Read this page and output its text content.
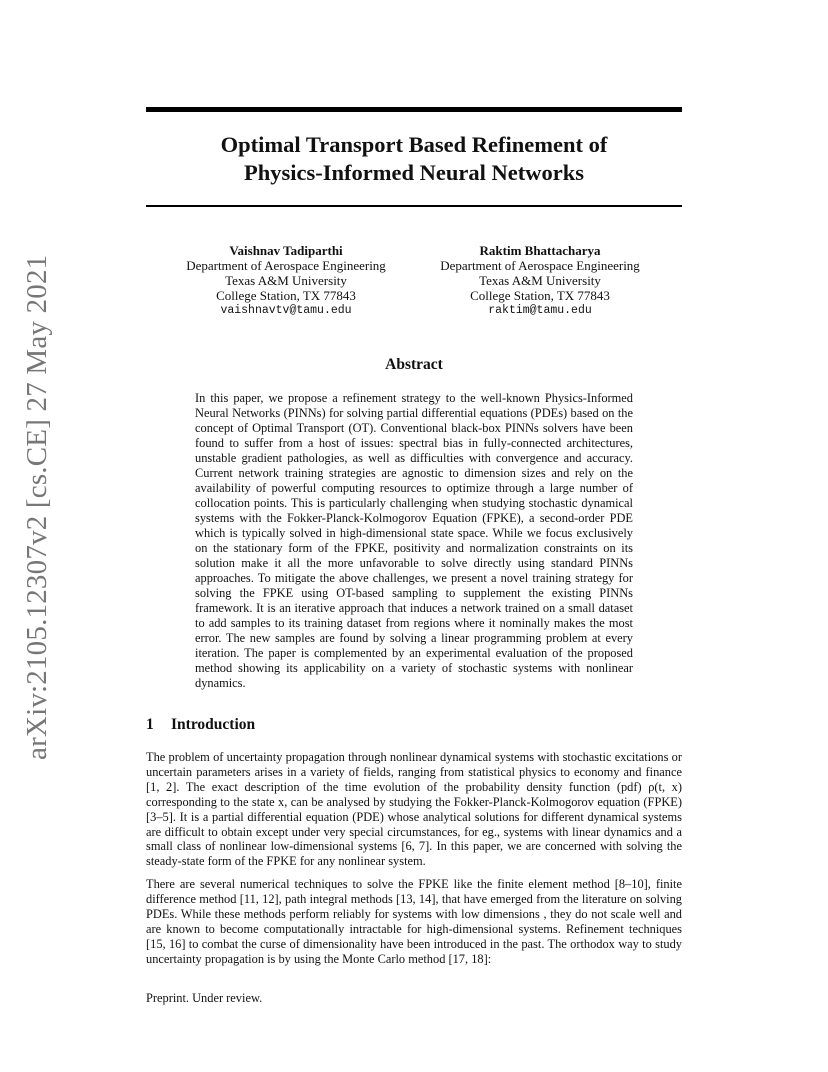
arXiv:2105.12307v2 [cs.CE] 27 May 2021
Optimal Transport Based Refinement of
Physics-Informed Neural Networks
Vaishnav Tadiparthi
Department of Aerospace Engineering
Texas A&M University
College Station, TX 77843
vaishnavtv@tamu.edu
Raktim Bhattacharya
Department of Aerospace Engineering
Texas A&M University
College Station, TX 77843
raktim@tamu.edu
Abstract

In this paper, we propose a refinement strategy to the well-known Physics-Informed Neural Networks (PINNs) for solving partial differential equations (PDEs) based on the concept of Optimal Transport (OT). Conventional black-box PINNs solvers have been found to suffer from a host of issues: spectral bias in fully-connected architectures, unstable gradient pathologies, as well as difficulties with convergence and accuracy. Current network training strategies are agnostic to dimension sizes and rely on the availability of powerful computing resources to optimize through a large number of collocation points. This is particularly challenging when studying stochastic dynamical systems with the Fokker-Planck-Kolmogorov Equation (FPKE), a second-order PDE which is typically solved in high-dimensional state space. While we focus exclusively on the stationary form of the FPKE, positivity and normalization constraints on its solution make it all the more unfavorable to solve directly using standard PINNs approaches. To mitigate the above challenges, we present a novel training strategy for solving the FPKE using OT-based sampling to supplement the existing PINNs framework. It is an iterative approach that induces a network trained on a small dataset to add samples to its training dataset from regions where it nominally makes the most error. The new samples are found by solving a linear programming problem at every iteration. The paper is complemented by an experimental evaluation of the proposed method showing its applicability on a variety of stochastic systems with nonlinear dynamics.

1 Introduction

The problem of uncertainty propagation through nonlinear dynamical systems with stochastic excitations or uncertain parameters arises in a variety of fields, ranging from statistical physics to economy and finance [1, 2]. The exact description of the time evolution of the probability density function (pdf) ρ(t, x) corresponding to the state x, can be analysed by studying the Fokker-Planck-Kolmogorov equation (FPKE) [3–5]. It is a partial differential equation (PDE) whose analytical solutions for different dynamical systems are difficult to obtain except under very special circumstances, for eg., systems with linear dynamics and a small class of nonlinear low-dimensional systems [6, 7]. In this paper, we are concerned with solving the steady-state form of the FPKE for any nonlinear system.

There are several numerical techniques to solve the FPKE like the finite element method [8–10], finite difference method [11, 12], path integral methods [13, 14], that have emerged from the literature on solving PDEs. While these methods perform reliably for systems with low dimensions , they do not scale well and are known to become computationally intractable for high-dimensional systems. Refinement techniques [15, 16] to combat the curse of dimensionality have been introduced in the past. The orthodox way to study uncertainty propagation is by using the Monte Carlo method [17, 18]:

Preprint. Under review.
